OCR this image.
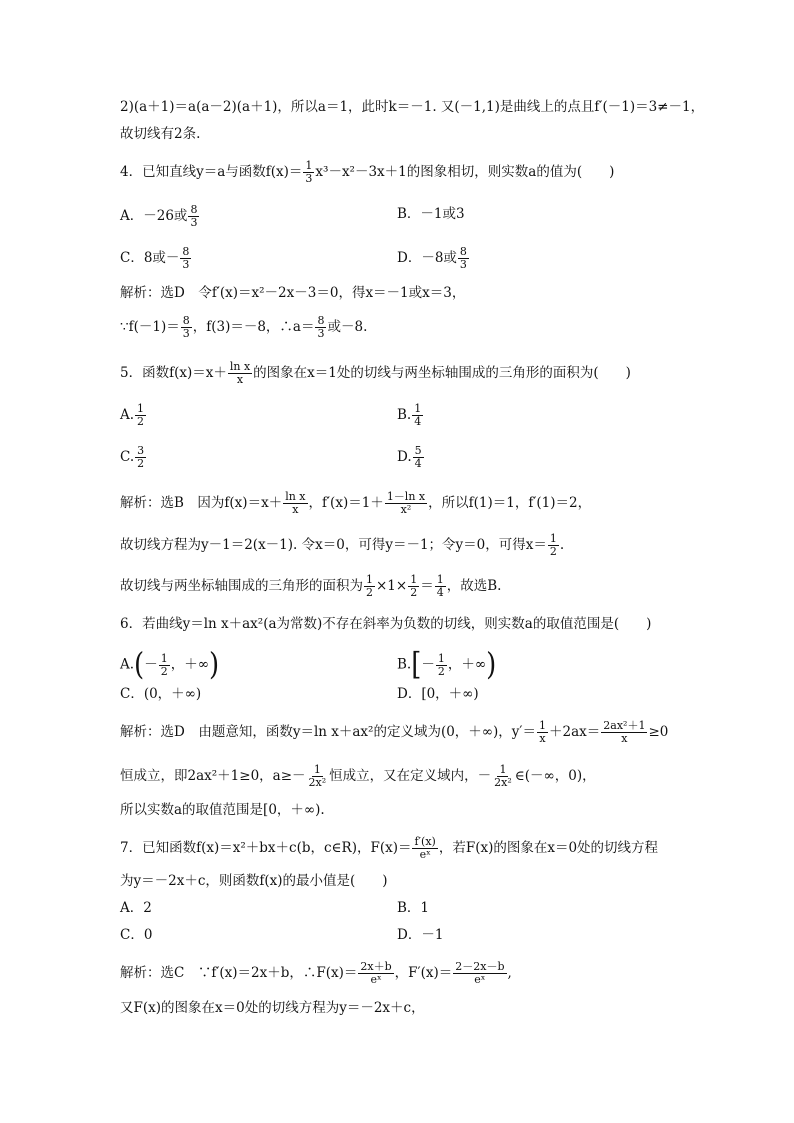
2)(a＋1)＝a(a－2)(a＋1)，所以a＝1，此时k＝－1. 又(－1,1)是曲线上的点且f′(－1)＝3≠－1，
故切线有2条.
4．已知直线y＝a与函数$f(x)= \frac{1}{3} x^3-x^2-3x+1$的图象相切，则实数a的值为(　　)
A．－26或 $\frac{8}{3}$	B．－1或3
C．8或－ $\frac{8}{3}$	D．－8或 $\frac{8}{3}$
解析：选D　令f′(x)＝x²－2x－3＝0，得x＝－1或x＝3，
∵f(－1)＝ $\frac{8}{3}$ ，f(3)＝－8，∴a＝ $\frac{8}{3}$ 或－8.
5．函数$f(x)=x+ \frac{\text{ln x}}{x}$ 的图象在x＝1处的切线与两坐标轴围成的三角形的面积为(　　)
A. $\frac{1}{2}$	B. $\frac{1}{4}$
C. $\frac{3}{2}$	D. $\frac{5}{4}$
解析：选B　因为$f(x)=x+ \frac{\text{ln x}}{x}$ ，$f'(x)=1+ \frac{\text{1－ln x}}{\text{x²}}$ ，所以f(1)＝1，f′(1)＝2，
故切线方程为y－1＝2(x－1). 令x＝0，可得y＝－1；令y＝0，可得$x= \frac{1}{2}$ .
故切线与两坐标轴围成的三角形的面积为 $\frac{1}{2} \times 1\times \frac{1}{2} = \frac{1}{4}$ ，故选B.
6．若曲线y＝ln x＋ax²(a为常数)不存在斜率为负数的切线，则实数a的取值范围是(　　)
$A.(- \frac{1}{2}$ ，＋∞)	$B.[- \frac{1}{2}$ ，＋∞)
C．(0，＋∞)	D．[0，＋∞)
解析：选D　由题意知，函数y＝ln x＋ax²的定义域为(0，＋∞)，$y'= \frac{1}{x} +2ax= \frac{\text{2ax²＋1}}{x} \ge 0$
恒成立，即2ax²＋1≥0，$a\ge- \frac{1}{\text{2x²}}$ 恒成立，又在定义域内，－ $\frac{1}{\text{2x²}}$ ∈(－∞，0)，
所以实数a的取值范围是[0，＋∞).
7．已知函数f(x)＝x²＋bx＋c(b，c∈R)，$F(x)= \frac{f'(x)}{\text{eˣ}}$ ，若F(x)的图象在x＝0处的切线方程
为y＝－2x＋c，则函数f(x)的最小值是(　　)
A．2	B．1
C．0	D．－1
解析：选C　∵f′(x)＝2x＋b，∴F(x)＝ $\frac{2x+b}{\text{eˣ}}$ ，$F'(x)= \frac{2-2x-b}{\text{eˣ}}$ ,
又F(x)的图象在x＝0处的切线方程为y＝－2x＋c，
